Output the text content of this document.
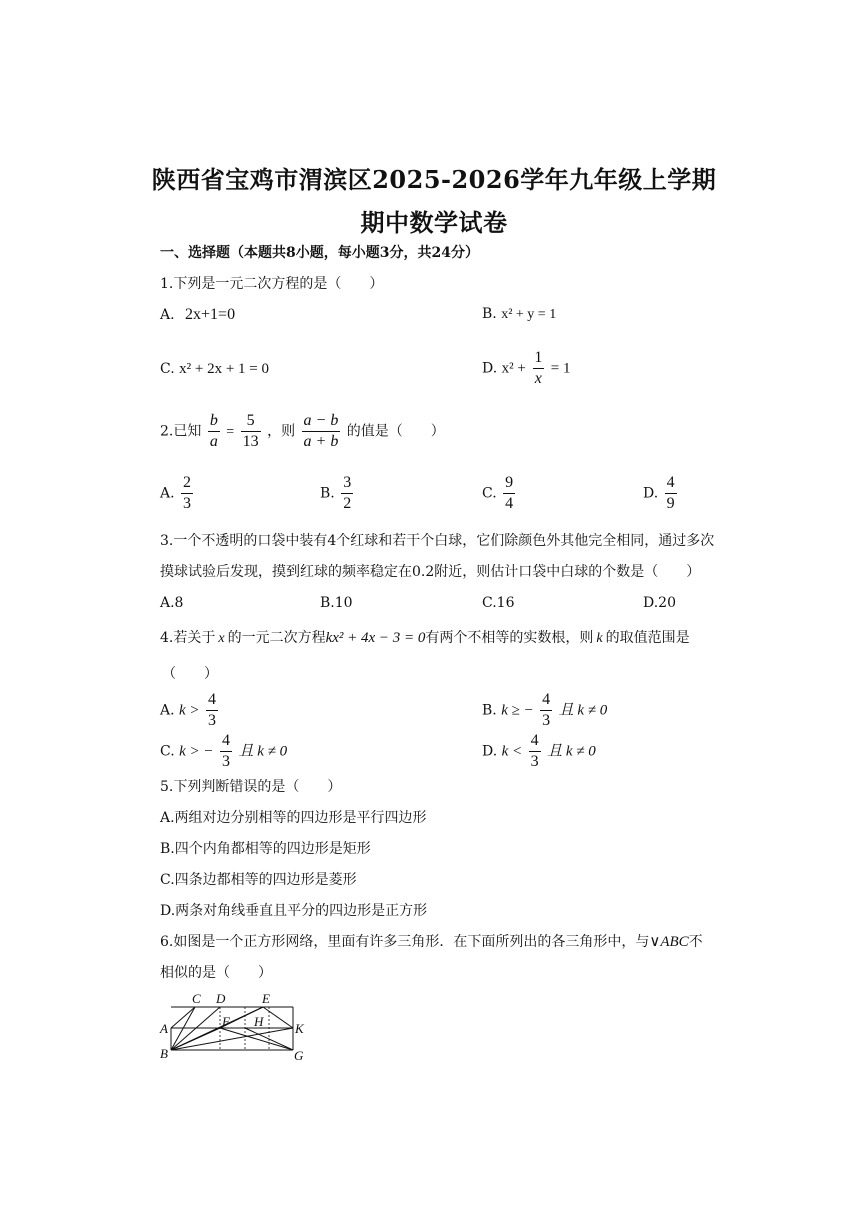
陕西省宝鸡市渭滨区2025-2026学年九年级上学期
期中数学试卷
一、选择题（本题共8小题，每小题3分，共24分）
1.下列是一元二次方程的是（　　）
A. 2x+1=0	B. x² + y = 1
C. x² + 2x + 1 = 0	D. $x^2 + \frac{1}{x} = 1$
2.已知 $\frac{b}{a} = \frac{5}{13}$ ，则 $\frac{a - b}{a + b}$ 的值是（　　）
A. $\frac{2}{3}$	B. $\frac{3}{2}$	C. $\frac{9}{4}$	D. $\frac{4}{9}$
3.一个不透明的口袋中装有4个红球和若干个白球，它们除颜色外其他完全相同，通过多次
摸球试验后发现，摸到红球的频率稳定在0.2附近，则估计口袋中白球的个数是（　　）
A.8	B.10	C.16	D.20
4.若关于 x 的一元二次方程kx² + 4x − 3 = 0有两个不相等的实数根，则 k 的取值范围是
（　　）
A. $k > \frac{4}{3}$	B. k ≥ − $\frac{4}{3}$ 且 k ≠ 0
C. k > − $\frac{4}{3}$ 且 k ≠ 0	D. $k < \frac{4}{3}$ 且 k ≠ 0
5.下列判断错误的是（　　）
A.两组对边分别相等的四边形是平行四边形
B.四个内角都相等的四边形是矩形
C.四条边都相等的四边形是菱形
D.两条对角线垂直且平分的四边形是正方形
6.如图是一个正方形网络，里面有许多三角形．在下面所列出的各三角形中，与∨ABC不
相似的是（　　）
C D	E
A	F H K
B	G
